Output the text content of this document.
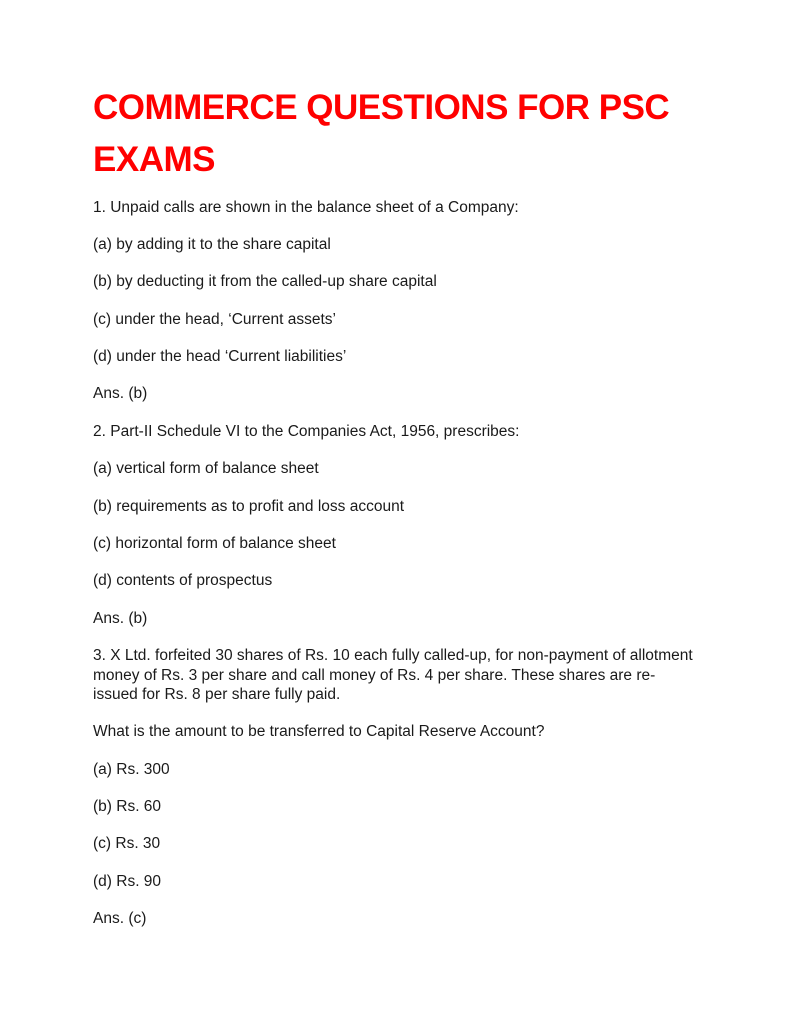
COMMERCE QUESTIONS FOR PSC EXAMS

1. Unpaid calls are shown in the balance sheet of a Company:

(a) by adding it to the share capital

(b) by deducting it from the called-up share capital

(c) under the head, ‘Current assets’

(d) under the head ‘Current liabilities’

Ans. (b)

2. Part-II Schedule VI to the Companies Act, 1956, prescribes:

(a) vertical form of balance sheet

(b) requirements as to profit and loss account

(c) horizontal form of balance sheet

(d) contents of prospectus

Ans. (b)

3. X Ltd. forfeited 30 shares of Rs. 10 each fully called-up, for non-payment of allotment money of Rs. 3 per share and call money of Rs. 4 per share. These shares are re-issued for Rs. 8 per share fully paid.

What is the amount to be transferred to Capital Reserve Account?

(a) Rs. 300

(b) Rs. 60

(c) Rs. 30

(d) Rs. 90

Ans. (c)
